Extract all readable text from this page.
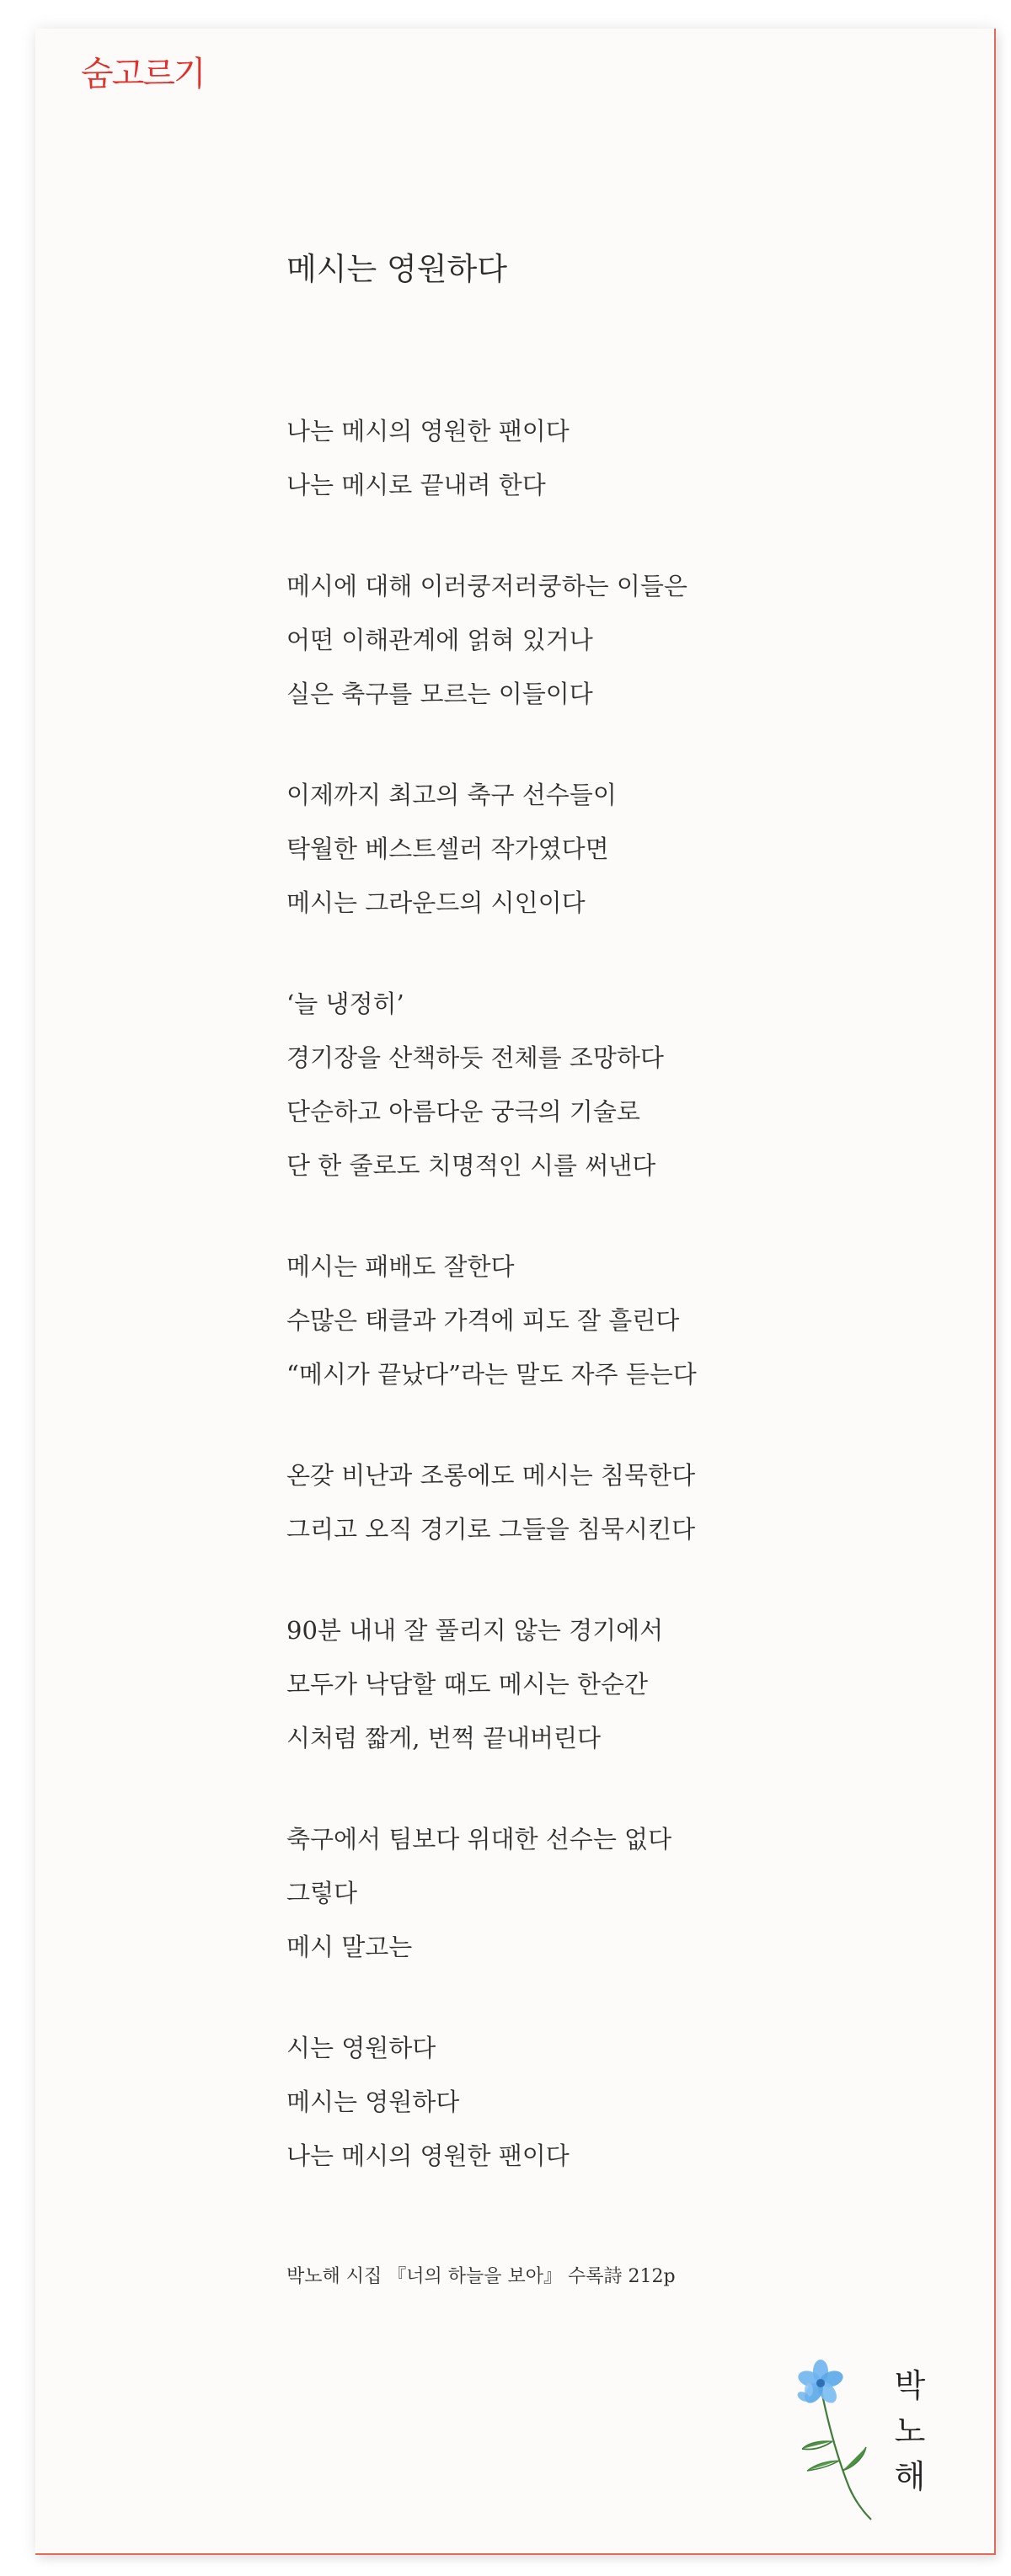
숨고르기
메시는 영원하다
나는 메시의 영원한 팬이다
나는 메시로 끝내려 한다
메시에 대해 이러쿵저러쿵하는 이들은
어떤 이해관계에 얽혀 있거나
실은 축구를 모르는 이들이다
이제까지 최고의 축구 선수들이
탁월한 베스트셀러 작가였다면
메시는 그라운드의 시인이다
‘늘 냉정히’
경기장을 산책하듯 전체를 조망하다
단순하고 아름다운 궁극의 기술로
단 한 줄로도 치명적인 시를 써낸다
메시는 패배도 잘한다
수많은 태클과 가격에 피도 잘 흘린다
“메시가 끝났다”라는 말도 자주 듣는다
온갖 비난과 조롱에도 메시는 침묵한다
그리고 오직 경기로 그들을 침묵시킨다
90분 내내 잘 풀리지 않는 경기에서
모두가 낙담할 때도 메시는 한순간
시처럼 짧게, 번쩍 끝내버린다
축구에서 팀보다 위대한 선수는 없다
그렇다
메시 말고는
시는 영원하다
메시는 영원하다
나는 메시의 영원한 팬이다
박노해 시집 『너의 하늘을 보아』 수록詩 212p
박
노
해
